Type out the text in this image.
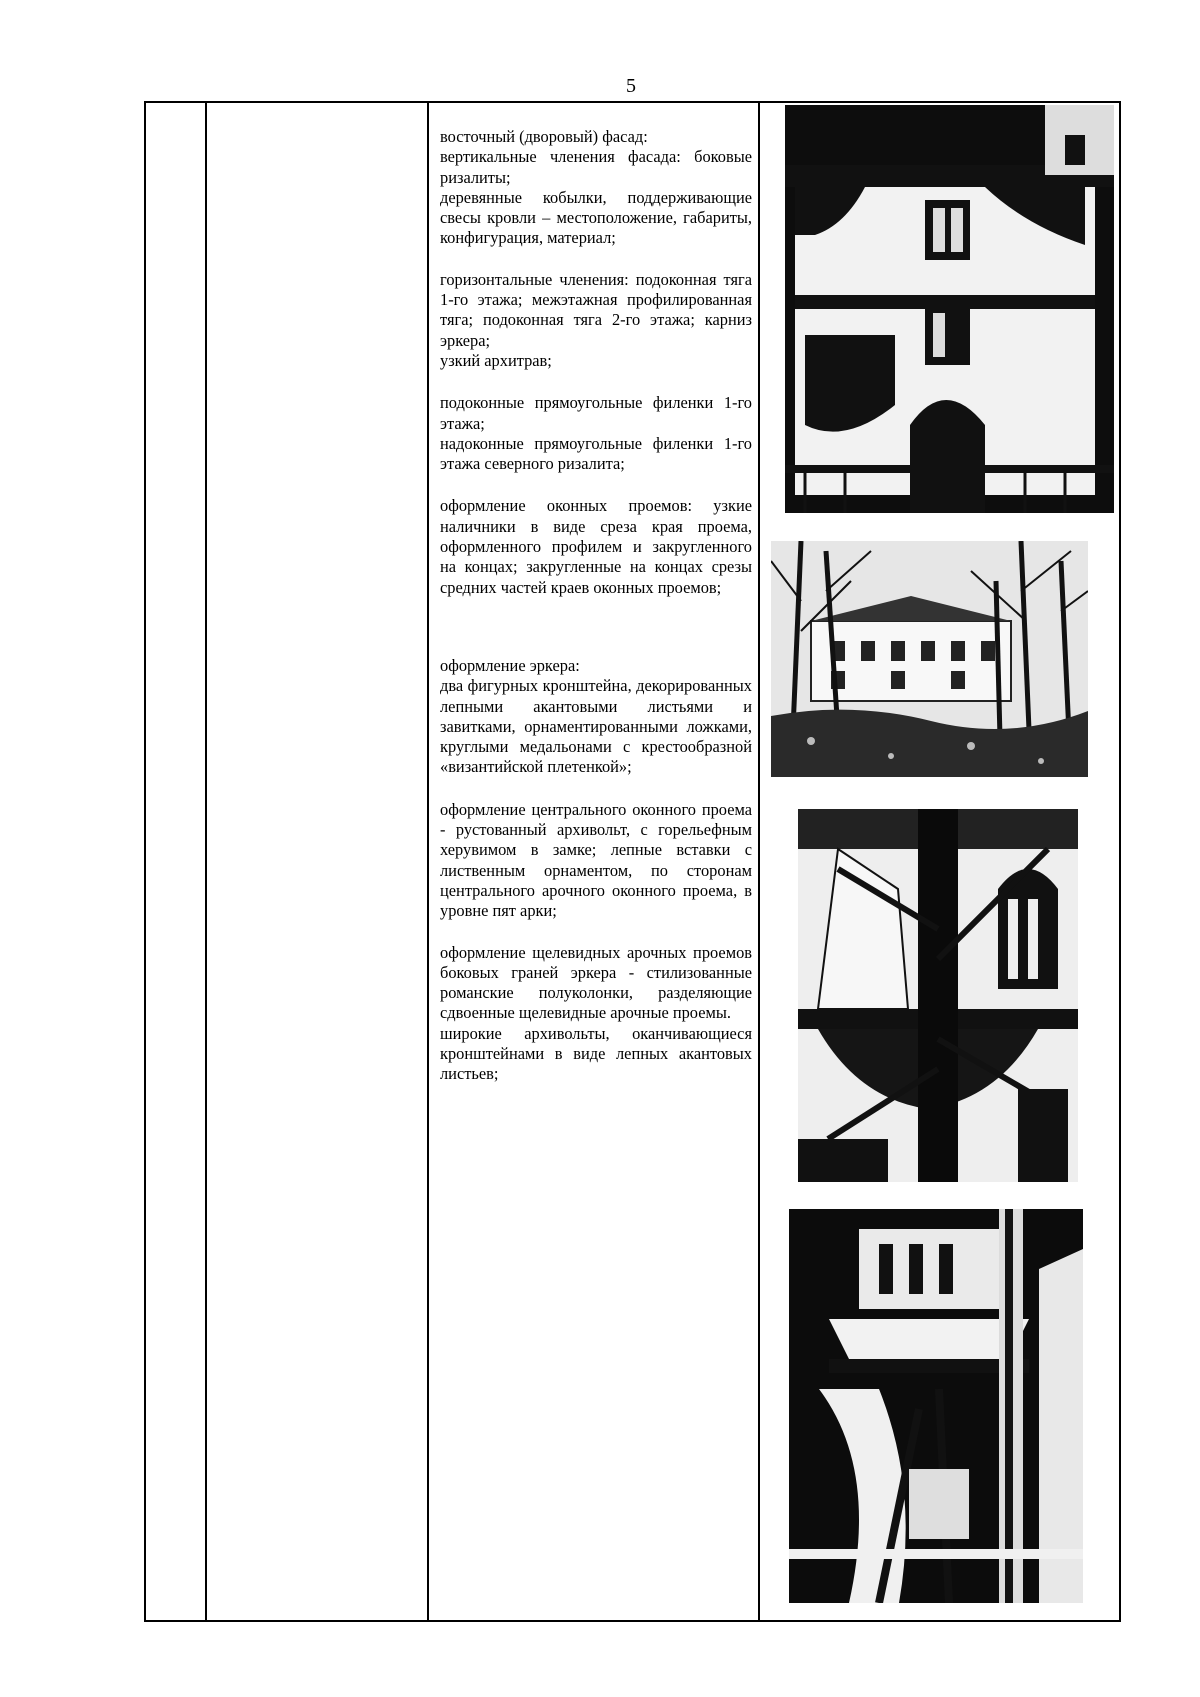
5

восточный (дворовый) фасад:

вертикальные членения фасада: боковые ризалиты;

деревянные кобылки, поддерживающие свесы кровли – местоположение, габариты, конфигурация, материал;

горизонтальные членения: подоконная тяга 1-го этажа; межэтажная профилированная тяга; подоконная тяга 2-го этажа; карниз эркера;

узкий архитрав;

подоконные прямоугольные филенки 1-го этажа;

надоконные прямоугольные филенки 1-го этажа северного ризалита;

оформление оконных проемов: узкие наличники в виде среза края проема, оформленного профилем и закругленного на концах; закругленные на концах срезы средних частей краев оконных проемов;

оформление эркера:

два фигурных кронштейна, декорированных лепными акантовыми листьями и завитками, орнаментированными ложками, круглыми медальонами с крестообразной «византийской плетенкой»;

оформление центрального оконного проема - рустованный архивольт, с горельефным херувимом в замке; лепные вставки с лиственным орнаментом, по сторонам центрального арочного оконного проема, в уровне пят арки;

оформление щелевидных арочных проемов боковых граней эркера - стилизованные романские полуколонки, разделяющие сдвоенные щелевидные арочные проемы.

широкие архивольты, оканчивающиеся кронштейнами в виде лепных акантовых листьев;
